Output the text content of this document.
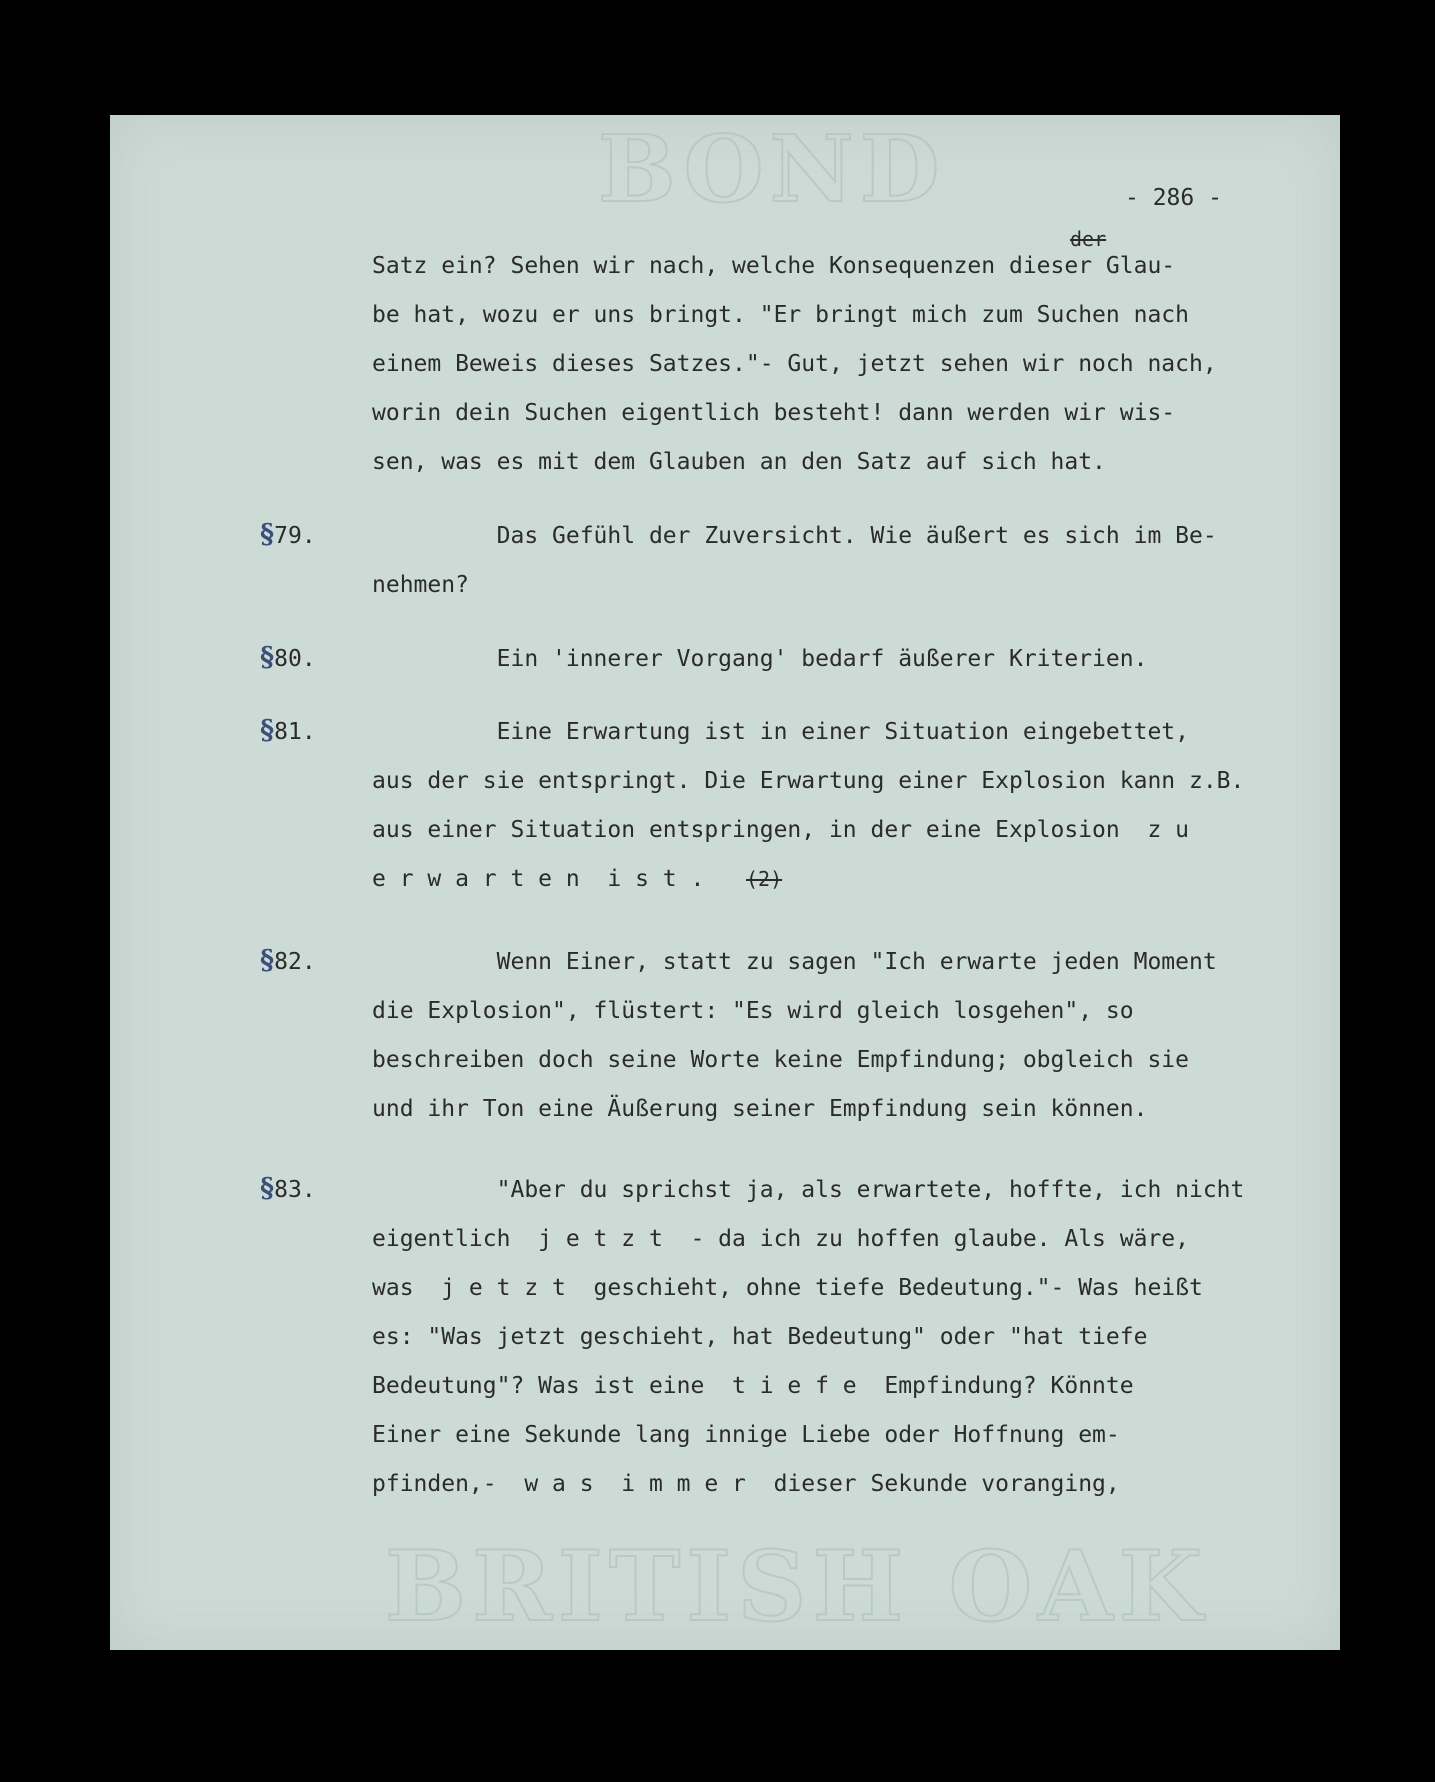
BOND
BRITISH OAK
- 286 -
der
Satz ein? Sehen wir nach, welche Konsequenzen dieser Glau-
be hat, wozu er uns bringt. "Er bringt mich zum Suchen nach
einem Beweis dieses Satzes."- Gut, jetzt sehen wir noch nach,
worin dein Suchen eigentlich besteht! dann werden wir wis-
sen, was es mit dem Glauben an den Satz auf sich hat.
§79. Das Gefühl der Zuversicht. Wie äußert es sich im Be-
nehmen?
§80. Ein 'innerer Vorgang' bedarf äußerer Kriterien.
§81. Eine Erwartung ist in einer Situation eingebettet,
aus der sie entspringt. Die Erwartung einer Explosion kann z.B.
aus einer Situation entspringen, in der eine Explosion  z u
e r w a r t e n  i s t . (2)
§82. Wenn Einer, statt zu sagen "Ich erwarte jeden Moment
die Explosion", flüstert: "Es wird gleich losgehen", so
beschreiben doch seine Worte keine Empfindung; obgleich sie
und ihr Ton eine Äußerung seiner Empfindung sein können.
§83. "Aber du sprichst ja, als erwartete, hoffte, ich nicht
eigentlich  j e t z t  - da ich zu hoffen glaube. Als wäre,
was  j e t z t  geschieht, ohne tiefe Bedeutung."- Was heißt
es: "Was jetzt geschieht, hat Bedeutung" oder "hat tiefe
Bedeutung"? Was ist eine  t i e f e  Empfindung? Könnte
Einer eine Sekunde lang innige Liebe oder Hoffnung em-
pfinden,-  w a s  i m m e r  dieser Sekunde voranging,
